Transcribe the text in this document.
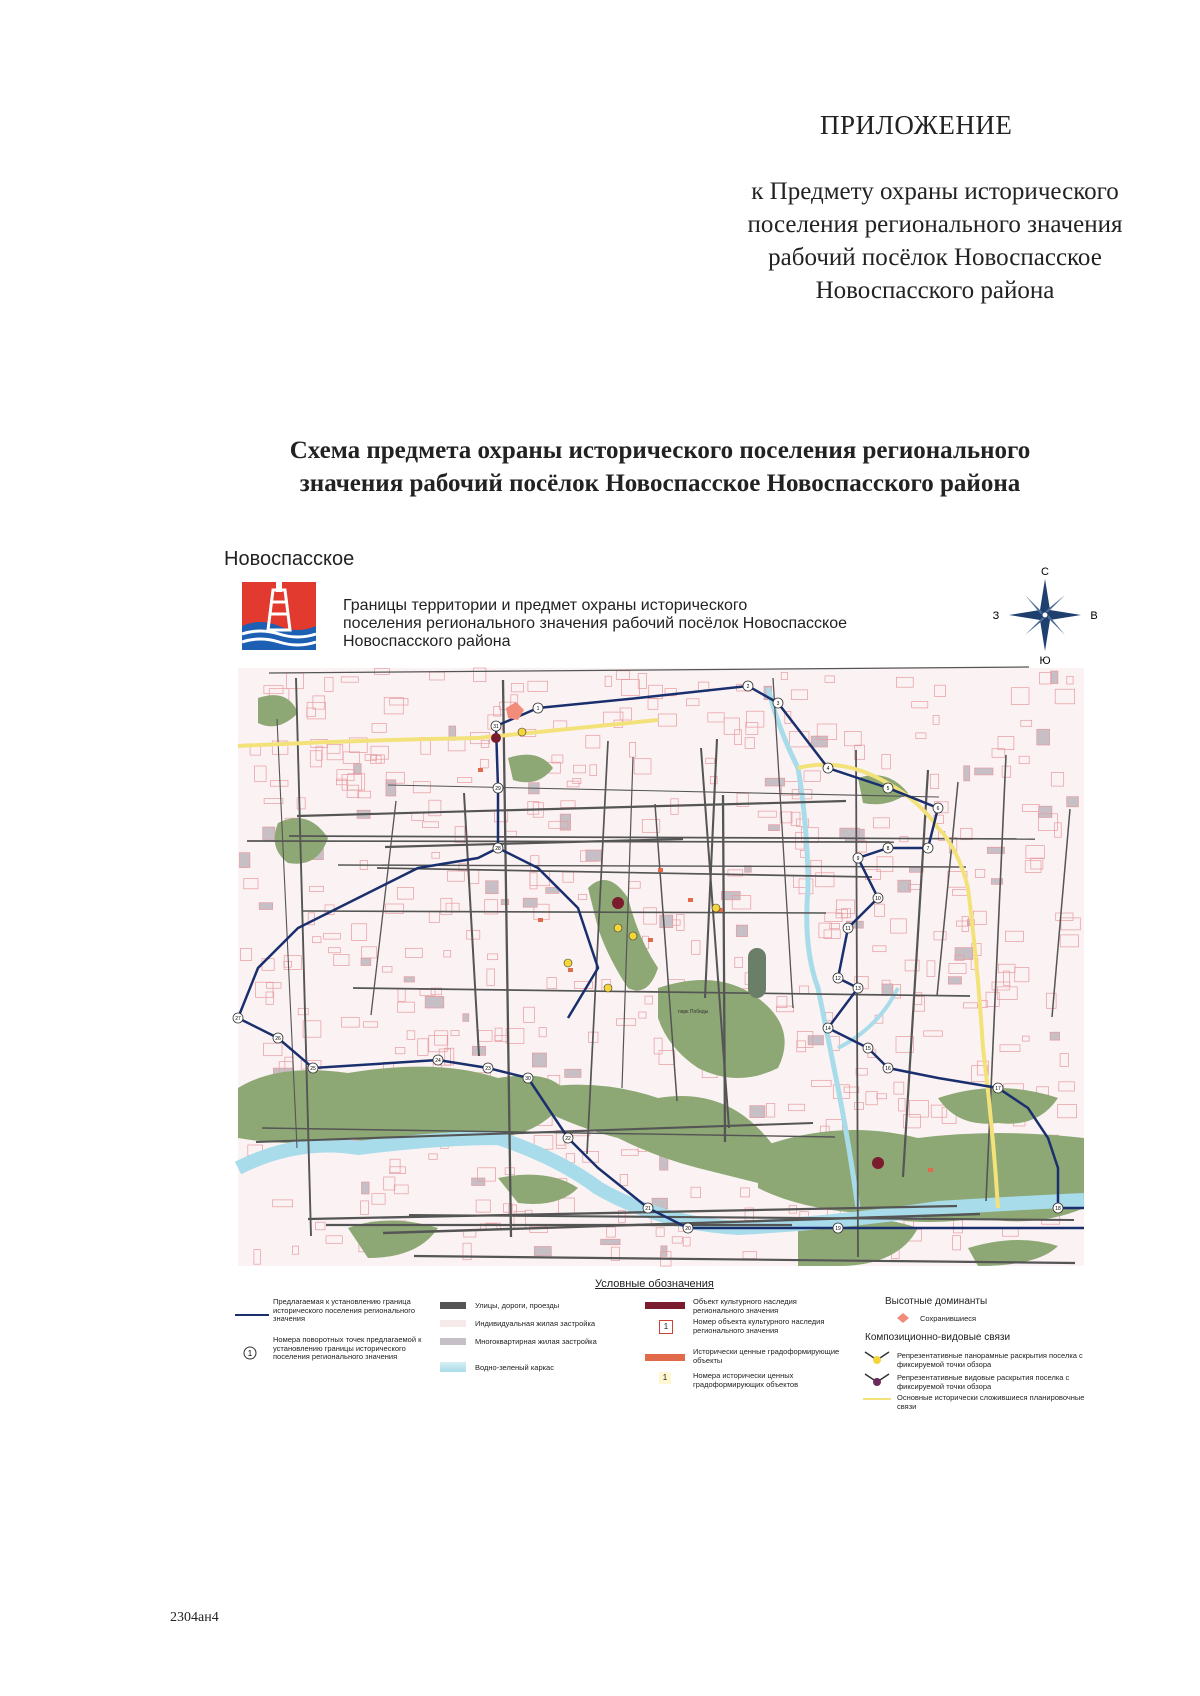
ПРИЛОЖЕНИЕ
к Предмету охраны исторического
поселения регионального значения
рабочий посёлок Новоспасское
Новоспасского района
Схема предмета охраны исторического поселения регионального
значения рабочий посёлок Новоспасское Новоспасского района
Новоспасское
Границы территории и предмет охраны исторического
поселения регионального значения рабочий посёлок Новоспасское
Новоспасского района
С
Ю
З	В
1
2
3
4
5
6
7
8
9
10
11
12
13
14
15
16
17
18
19
20
21
22
23
24
25
26
27
28
29
30
31
парк Победы
Условные обозначения
Предлагаемая к установлению граница исторического поселения регионального значения
1
Номера поворотных точек предлагаемой к установлению границы исторического поселения регионального значения
Улицы, дороги, проезды
Индивидуальная жилая застройка
Многоквартирная жилая застройка
Водно-зеленый каркас
Объект культурного наследия регионального значения
1
Номер объекта культурного наследия регионального значения
Исторически ценные градоформирующие объекты
1	Номера исторически ценных градоформирующих объектов
Высотные доминанты
Сохранившиеся
Композиционно-видовые связи
Репрезентативные панорамные раскрытия поселка с фиксируемой точки обзора
Репрезентативные видовые раскрытия поселка с фиксируемой точки обзора
Основные исторически сложившиеся планировочные связи
2304ан4
